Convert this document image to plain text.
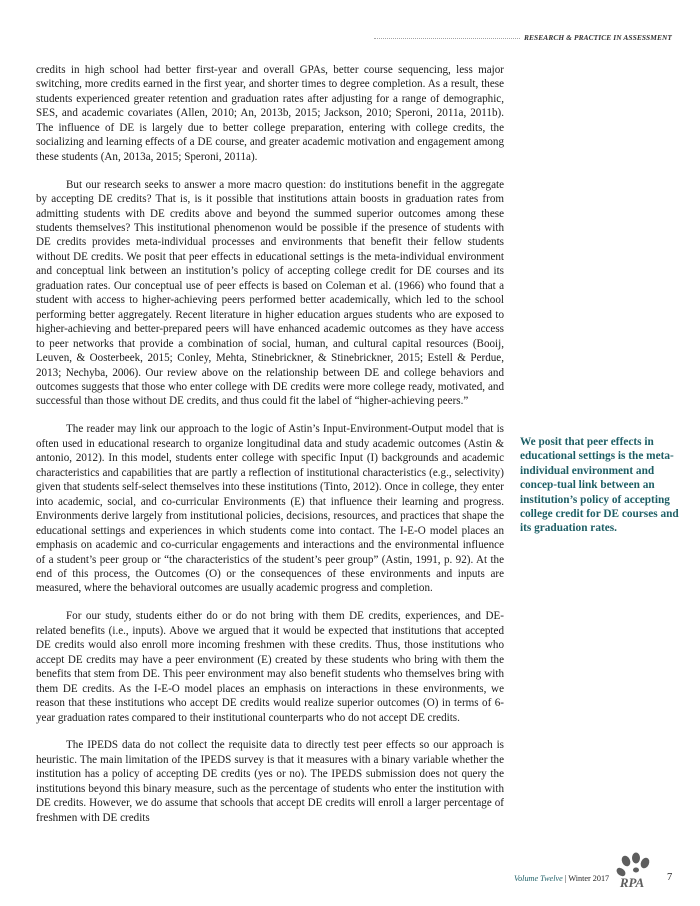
RESEARCH & PRACTICE IN ASSESSMENT

credits in high school had better first-year and overall GPAs, better course sequencing, less major switching, more credits earned in the first year, and shorter times to degree completion. As a result, these students experienced greater retention and graduation rates after adjusting for a range of demographic, SES, and academic covariates (Allen, 2010; An, 2013b, 2015; Jackson, 2010; Speroni, 2011a, 2011b). The influence of DE is largely due to better college preparation, entering with college credits, the socializing and learning effects of a DE course, and greater academic motivation and engagement among these students (An, 2013a, 2015; Speroni, 2011a).

But our research seeks to answer a more macro question: do institutions benefit in the aggregate by accepting DE credits? That is, is it possible that institutions attain boosts in graduation rates from admitting students with DE credits above and beyond the summed superior outcomes among these students themselves? This institutional phenomenon would be possible if the presence of students with DE credits provides meta-individual processes and environments that benefit their fellow students without DE credits. We posit that peer effects in educational settings is the meta-individual environment and conceptual link between an institution’s policy of accepting college credit for DE courses and its graduation rates. Our conceptual use of peer effects is based on Coleman et al. (1966) who found that a student with access to higher-achieving peers performed better academically, which led to the school performing better aggregately. Recent literature in higher education argues students who are exposed to higher-achieving and better-prepared peers will have enhanced academic outcomes as they have access to peer networks that provide a combination of social, human, and cultural capital resources (Booij, Leuven, & Oosterbeek, 2015; Conley, Mehta, Stinebrickner, & Stinebrickner, 2015; Estell & Perdue, 2013; Nechyba, 2006). Our review above on the relationship between DE and college behaviors and outcomes suggests that those who enter college with DE credits were more college ready, motivated, and successful than those without DE credits, and thus could fit the label of “higher-achieving peers.”

The reader may link our approach to the logic of Astin’s Input-Environment-Output model that is often used in educational research to organize longitudinal data and study academic outcomes (Astin & antonio, 2012). In this model, students enter college with specific Input (I) backgrounds and academic characteristics and capabilities that are partly a reflection of institutional characteristics (e.g., selectivity) given that students self-select themselves into these institutions (Tinto, 2012). Once in college, they enter into academic, social, and co-curricular Environments (E) that influence their learning and progress. Environments derive largely from institutional policies, decisions, resources, and practices that shape the educational settings and experiences in which students come into contact. The I-E-O model places an emphasis on academic and co-curricular engagements and interactions and the environmental influence of a student’s peer group or “the characteristics of the student’s peer group” (Astin, 1991, p. 92). At the end of this process, the Outcomes (O) or the consequences of these environments and inputs are measured, where the behavioral outcomes are usually academic progress and completion.

For our study, students either do or do not bring with them DE credits, experiences, and DE-related benefits (i.e., inputs). Above we argued that it would be expected that institutions that accepted DE credits would also enroll more incoming freshmen with these credits. Thus, those institutions who accept DE credits may have a peer environment (E) created by these students who bring with them the benefits that stem from DE. This peer environment may also benefit students who themselves bring with them DE credits. As the I-E-O model places an emphasis on interactions in these environments, we reason that these institutions who accept DE credits would realize superior outcomes (O) in terms of 6-year graduation rates compared to their institutional counterparts who do not accept DE credits.

The IPEDS data do not collect the requisite data to directly test peer effects so our approach is heuristic. The main limitation of the IPEDS survey is that it measures with a binary variable whether the institution has a policy of accepting DE credits (yes or no). The IPEDS submission does not query the institutions beyond this binary measure, such as the percentage of students who enter the institution with DE credits. However, we do assume that schools that accept DE credits will enroll a larger percentage of freshmen with DE credits

We posit that peer effects in educational settings is the meta-individual environment and concep-tual link between an institution’s policy of accepting college credit for DE courses and its graduation rates.
Volume Twelve | Winter 2017 RPA 7
